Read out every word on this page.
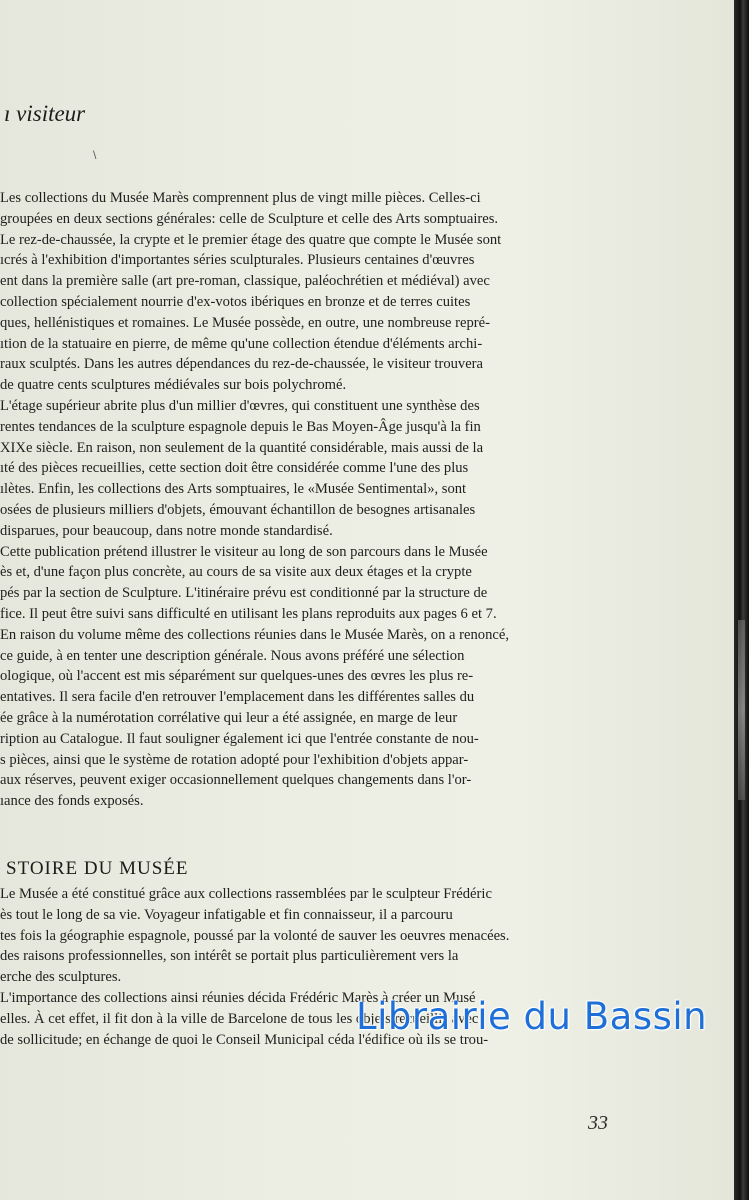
ı visiteur
\

Les collections du Musée Marès comprennent plus de vingt mille pièces. Celles-ci

groupées en deux sections générales: celle de Sculpture et celle des Arts somptuaires.

Le rez-de-chaussée, la crypte et le premier étage des quatre que compte le Musée sont

ıcrés à l'exhibition d'importantes séries sculpturales. Plusieurs centaines d'œuvres

ent dans la première salle (art pre-roman, classique, paléochrétien et médiéval) avec

collection spécialement nourrie d'ex-votos ibériques en bronze et de terres cuites

ques, hellénistiques et romaines. Le Musée possède, en outre, une nombreuse repré-

ıtion de la statuaire en pierre, de même qu'une collection étendue d'éléments archi-

raux sculptés. Dans les autres dépendances du rez-de-chaussée, le visiteur trouvera

de quatre cents sculptures médiévales sur bois polychromé.

L'étage supérieur abrite plus d'un millier d'œvres, qui constituent une synthèse des

rentes tendances de la sculpture espagnole depuis le Bas Moyen-Âge jusqu'à la fin

XIXe siècle. En raison, non seulement de la quantité considérable, mais aussi de la

ıté des pièces recueillies, cette section doit être considérée comme l'une des plus

ılètes. Enfin, les collections des Arts somptuaires, le «Musée Sentimental», sont

osées de plusieurs milliers d'objets, émouvant échantillon de besognes artisanales

disparues, pour beaucoup, dans notre monde standardisé.

Cette publication prétend illustrer le visiteur au long de son parcours dans le Musée

ès et, d'une façon plus concrète, au cours de sa visite aux deux étages et la crypte

pés par la section de Sculpture. L'itinéraire prévu est conditionné par la structure de

fice. Il peut être suivi sans difficulté en utilisant les plans reproduits aux pages 6 et 7.

En raison du volume même des collections réunies dans le Musée Marès, on a renoncé,

ce guide, à en tenter une description générale. Nous avons préféré une sélection

ologique, où l'accent est mis séparément sur quelques-unes des œvres les plus re-

entatives. Il sera facile d'en retrouver l'emplacement dans les différentes salles du

ée grâce à la numérotation corrélative qui leur a été assignée, en marge de leur

ription au Catalogue. Il faut souligner également ici que l'entrée constante de nou-

s pièces, ainsi que le système de rotation adopté pour l'exhibition d'objets appar-

aux réserves, peuvent exiger occasionnellement quelques changements dans l'or-

ıance des fonds exposés.

STOIRE DU MUSÉE

Le Musée a été constitué grâce aux collections rassemblées par le sculpteur Frédéric

ès tout le long de sa vie. Voyageur infatigable et fin connaisseur, il a parcouru

tes fois la géographie espagnole, poussé par la volonté de sauver les oeuvres menacées.

des raisons professionnelles, son intérêt se portait plus particulièrement vers la

erche des sculptures.

L'importance des collections ainsi réunies décida Frédéric Marès à créer un Musé

elles. À cet effet, il fit don à la ville de Barcelone de tous les objets recueillis avec

de sollicitude; en échange de quoi le Conseil Municipal céda l'édifice où ils se trou-

33
Librairie du Bassin
